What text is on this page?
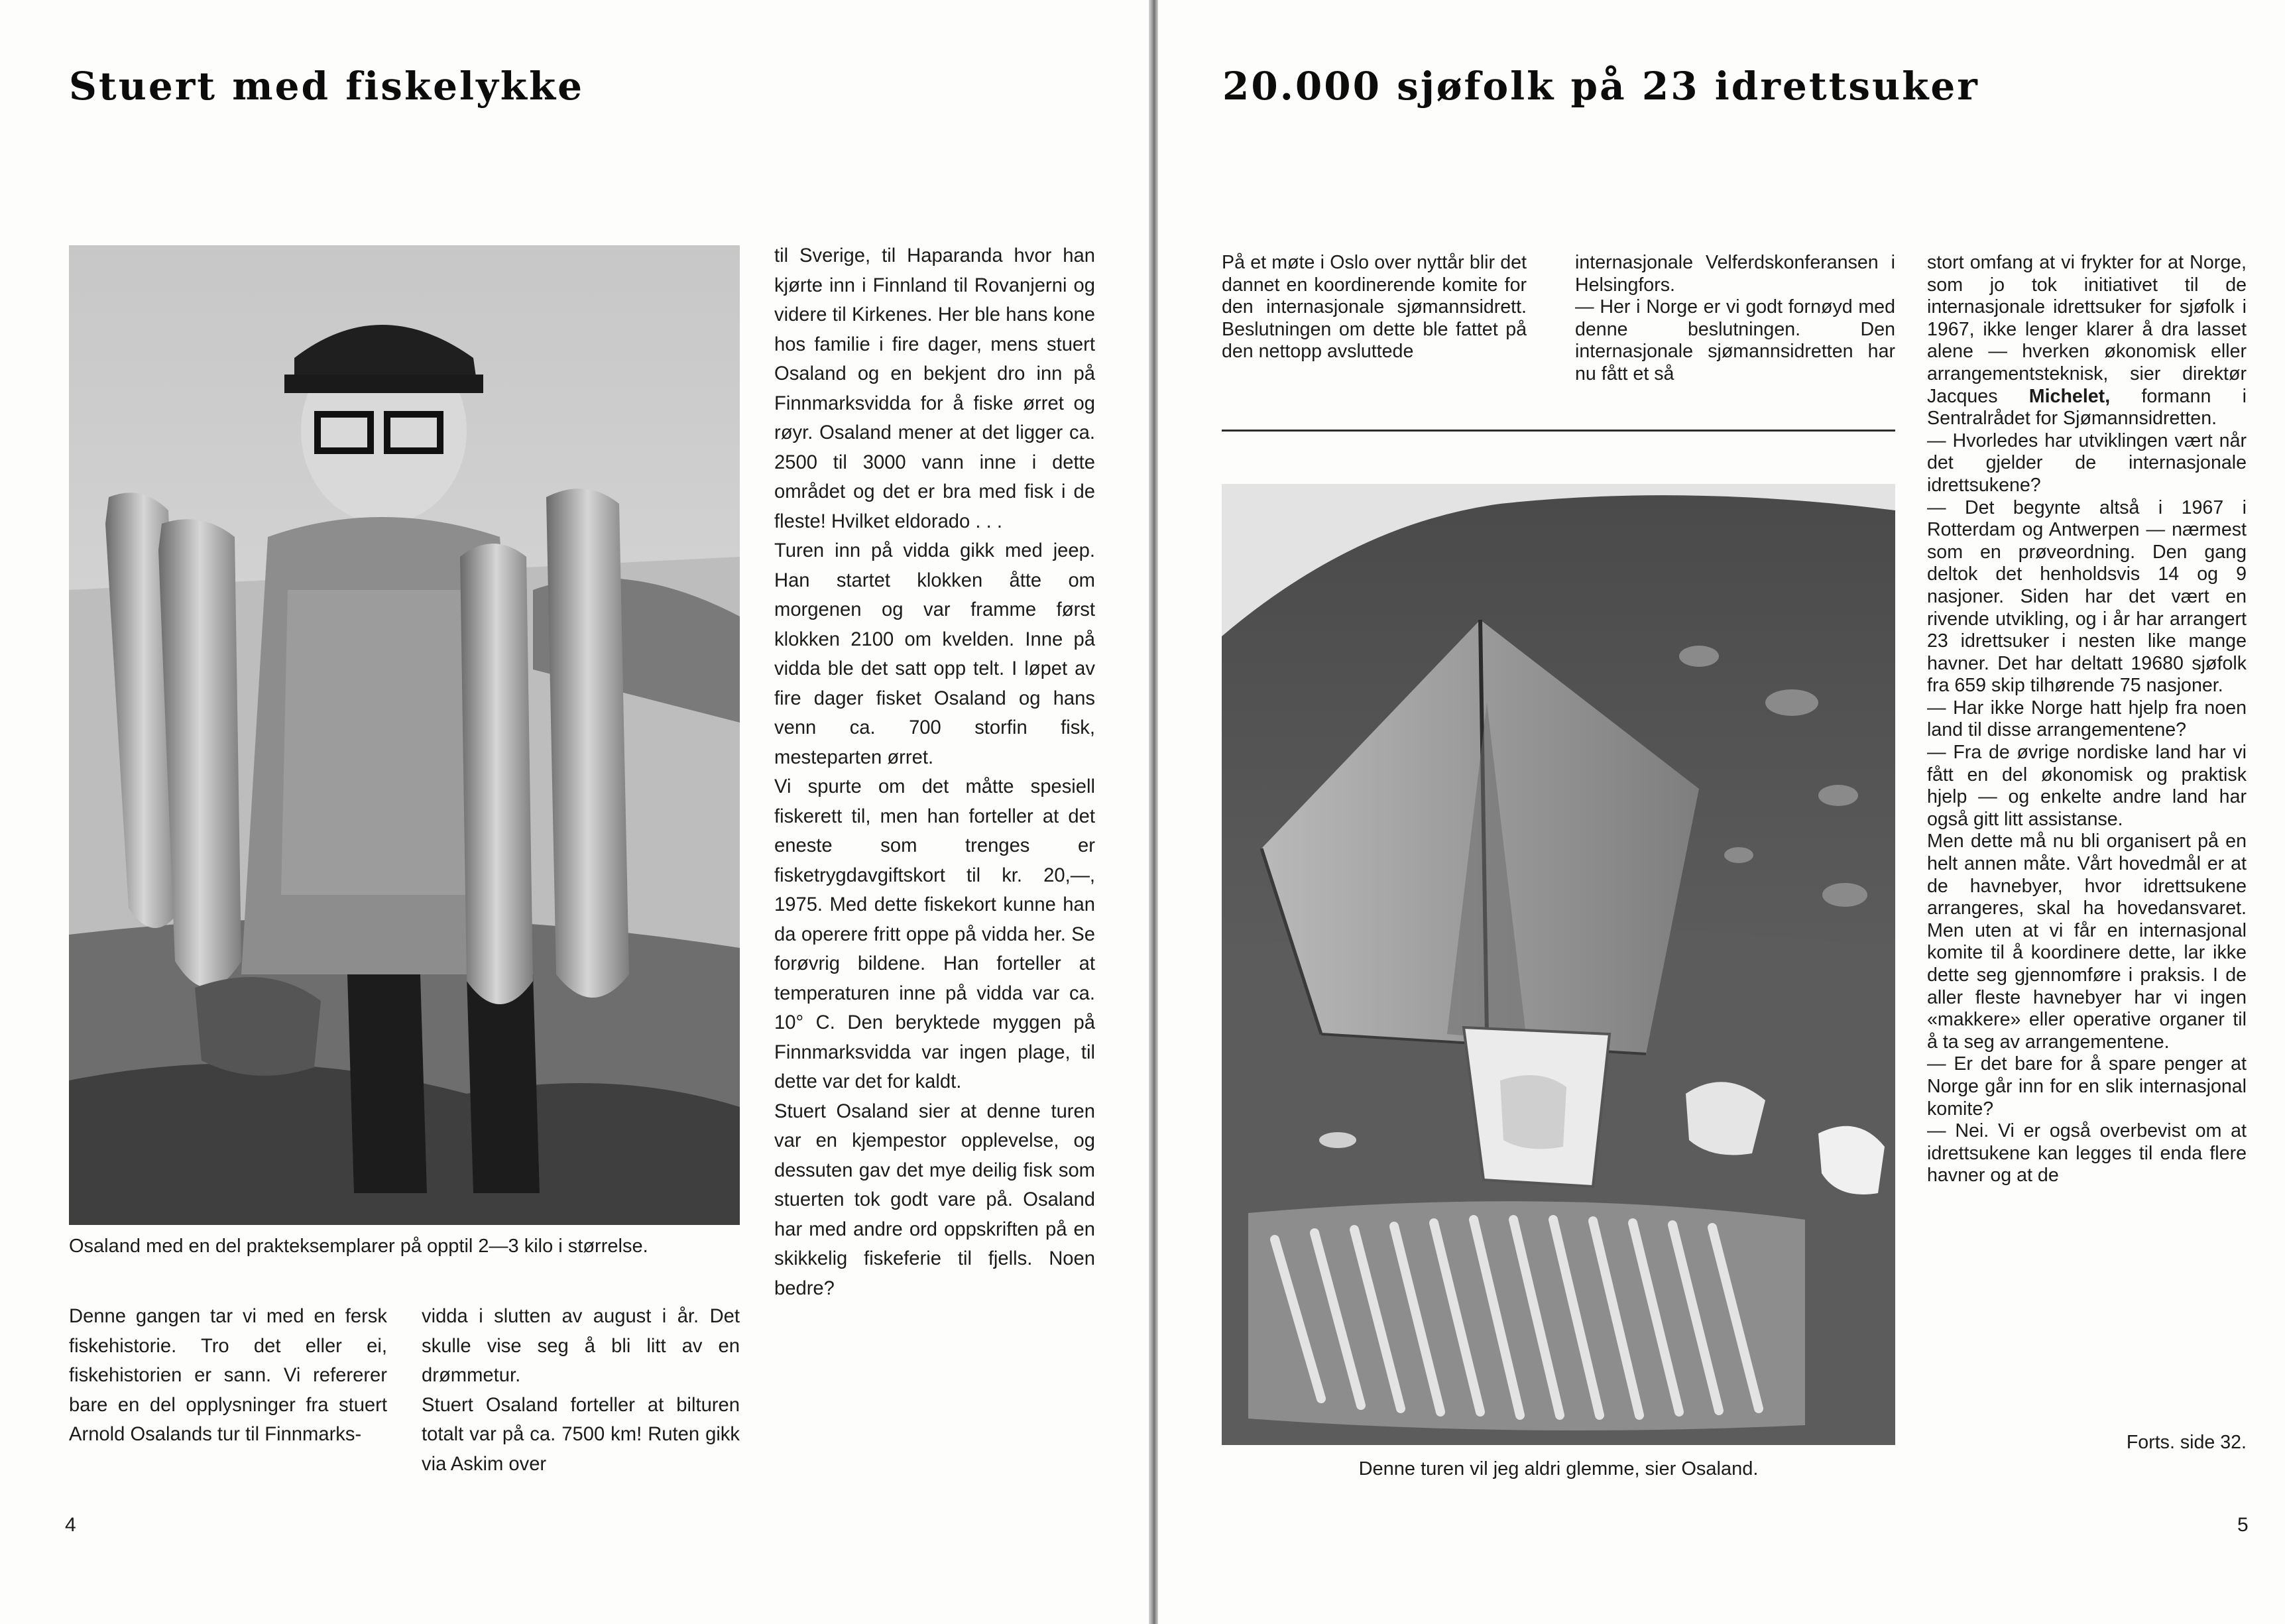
Stuert med fiskelykke

Osaland med en del prakteksemplarer på opptil 2—3 kilo i størrelse.

Denne gangen tar vi med en fersk fiskehistorie. Tro det eller ei, fiskehistorien er sann. Vi refererer bare en del opplysninger fra stuert Arnold Osalands tur til Finnmarks-

vidda i slutten av august i år. Det skulle vise seg å bli litt av en drømmetur.
Stuert Osaland forteller at bilturen totalt var på ca. 7500 km! Ruten gikk via Askim over

til Sverige, til Haparanda hvor han kjørte inn i Finnland til Rovanjerni og videre til Kirkenes. Her ble hans kone hos familie i fire dager, mens stuert Osaland og en bekjent dro inn på Finnmarksvidda for å fiske ørret og røyr. Osaland mener at det ligger ca. 2500 til 3000 vann inne i dette området og det er bra med fisk i de fleste! Hvilket eldorado . . .
Turen inn på vidda gikk med jeep. Han startet klokken åtte om morgenen og var framme først klokken 2100 om kvelden. Inne på vidda ble det satt opp telt. I løpet av fire dager fisket Osaland og hans venn ca. 700 storfin fisk, mesteparten ørret.
Vi spurte om det måtte spesiell fiskerett til, men han forteller at det eneste som trenges er fisketrygdavgiftskort til kr. 20,—, 1975. Med dette fiskekort kunne han da operere fritt oppe på vidda her. Se forøvrig bildene. Han forteller at temperaturen inne på vidda var ca. 10° C. Den beryktede myggen på Finnmarksvidda var ingen plage, til dette var det for kaldt.
Stuert Osaland sier at denne turen var en kjempestor opplevelse, og dessuten gav det mye deilig fisk som stuerten tok godt vare på. Osaland har med andre ord oppskriften på en skikkelig fiskeferie til fjells. Noen bedre?

4

20.000 sjøfolk på 23 idrettsuker

På et møte i Oslo over nyttår blir det dannet en koordinerende komite for den internasjonale sjømannsidrett. Beslutningen om dette ble fattet på den nettopp avsluttede

internasjonale Velferdskonferansen i Helsingfors.
— Her i Norge er vi godt fornøyd med denne beslutningen. Den internasjonale sjømannsidretten har nu fått et så

Denne turen vil jeg aldri glemme, sier Osaland.

stort omfang at vi frykter for at Norge, som jo tok initiativet til de internasjonale idrettsuker for sjøfolk i 1967, ikke lenger klarer å dra lasset alene — hverken økonomisk eller arrangementsteknisk, sier direktør Jacques Michelet, formann i Sentralrådet for Sjømannsidretten.
— Hvorledes har utviklingen vært når det gjelder de internasjonale idrettsukene?
— Det begynte altså i 1967 i Rotterdam og Antwerpen — nærmest som en prøveordning. Den gang deltok det henholdsvis 14 og 9 nasjoner. Siden har det vært en rivende utvikling, og i år har arrangert 23 idrettsuker i nesten like mange havner. Det har deltatt 19680 sjøfolk fra 659 skip tilhørende 75 nasjoner.
— Har ikke Norge hatt hjelp fra noen land til disse arrangementene?
— Fra de øvrige nordiske land har vi fått en del økonomisk og praktisk hjelp — og enkelte andre land har også gitt litt assistanse.
Men dette må nu bli organisert på en helt annen måte. Vårt hovedmål er at de havnebyer, hvor idrettsukene arrangeres, skal ha hovedansvaret. Men uten at vi får en internasjonal komite til å koordinere dette, lar ikke dette seg gjennomføre i praksis. I de aller fleste havnebyer har vi ingen «makkere» eller operative organer til å ta seg av arrangementene.
— Er det bare for å spare penger at Norge går inn for en slik internasjonal komite?
— Nei. Vi er også overbevist om at idrettsukene kan legges til enda flere havner og at de

Forts. side 32.

5
